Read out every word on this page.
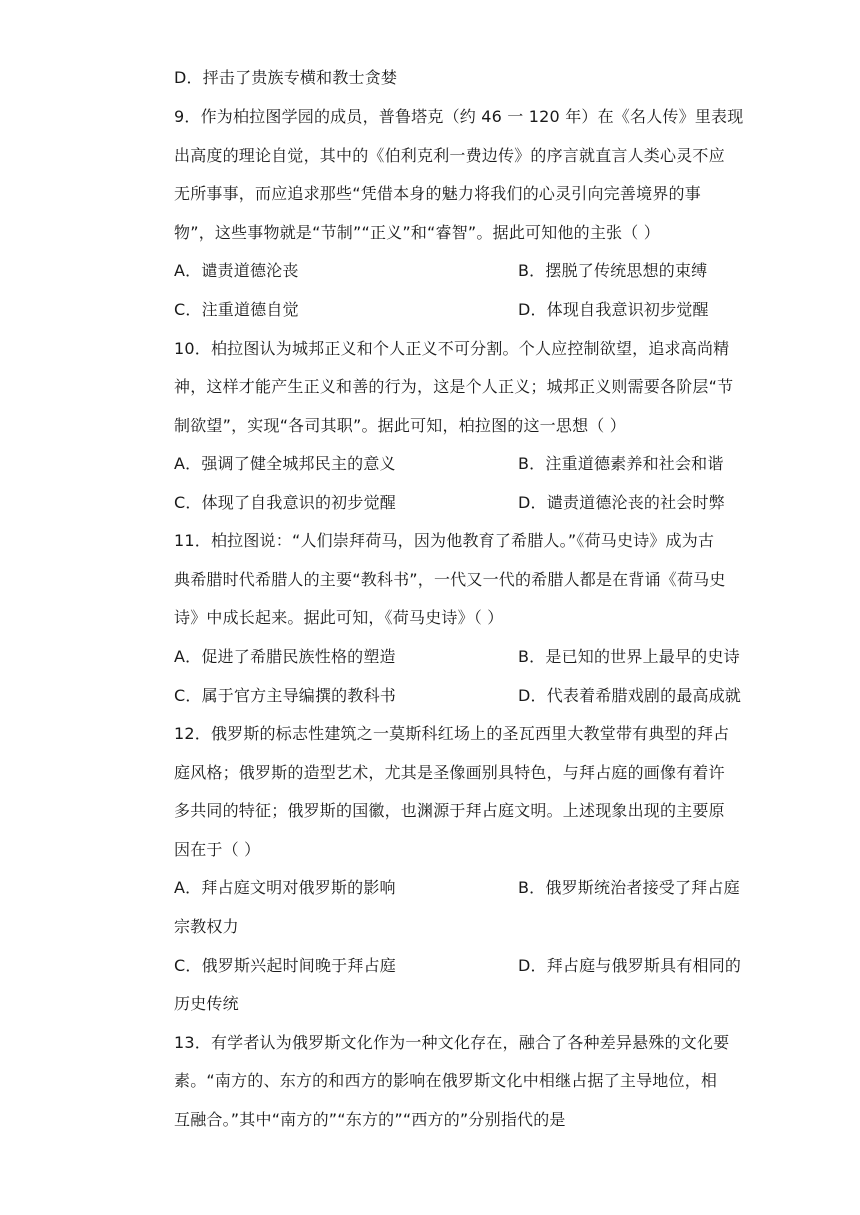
D．抨击了贵族专横和教士贪婪
9．作为柏拉图学园的成员，普鲁塔克（约 46 一 120 年）在《名人传》里表现
出高度的理论自觉，其中的《伯利克利一费边传》的序言就直言人类心灵不应
无所事事，而应追求那些“凭借本身的魅力将我们的心灵引向完善境界的事
物”，这些事物就是“节制”“正义”和“睿智”。据此可知他的主张（ ）
A．谴责道德沦丧	B．摆脱了传统思想的束缚
C．注重道德自觉	D．体现自我意识初步觉醒
10．柏拉图认为城邦正义和个人正义不可分割。个人应控制欲望，追求高尚精
神，这样才能产生正义和善的行为，这是个人正义；城邦正义则需要各阶层“节
制欲望”，实现“各司其职”。据此可知，柏拉图的这一思想（ ）
A．强调了健全城邦民主的意义	B．注重道德素养和社会和谐
C．体现了自我意识的初步觉醒	D．谴责道德沦丧的社会时弊
11．柏拉图说：“人们崇拜荷马，因为他教育了希腊人。”《荷马史诗》成为古
典希腊时代希腊人的主要“教科书”，一代又一代的希腊人都是在背诵《荷马史
诗》中成长起来。据此可知，《荷马史诗》（ ）
A．促进了希腊民族性格的塑造	B．是已知的世界上最早的史诗
C．属于官方主导编撰的教科书	D．代表着希腊戏剧的最高成就
12．俄罗斯的标志性建筑之一莫斯科红场上的圣瓦西里大教堂带有典型的拜占
庭风格；俄罗斯的造型艺术，尤其是圣像画别具特色，与拜占庭的画像有着许
多共同的特征；俄罗斯的国徽，也渊源于拜占庭文明。上述现象出现的主要原
因在于（ ）
A．拜占庭文明对俄罗斯的影响	B．俄罗斯统治者接受了拜占庭
宗教权力
C．俄罗斯兴起时间晚于拜占庭	D．拜占庭与俄罗斯具有相同的
历史传统
13．有学者认为俄罗斯文化作为一种文化存在，融合了各种差异悬殊的文化要
素。“南方的、东方的和西方的影响在俄罗斯文化中相继占据了主导地位，相
互融合。”其中“南方的”“东方的”“西方的”分别指代的是
